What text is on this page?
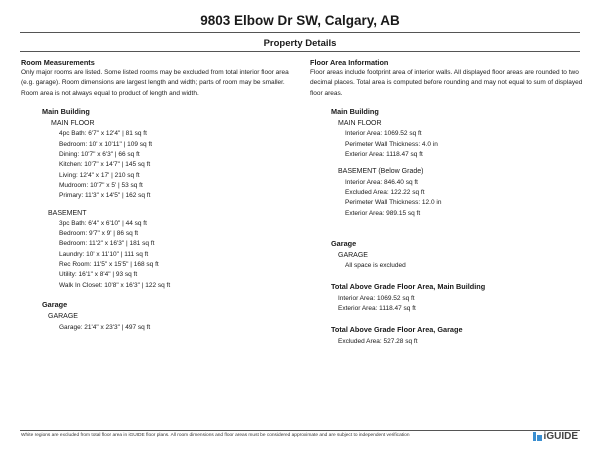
9803 Elbow Dr SW, Calgary, AB
Property Details

Room Measurements

Only major rooms are listed. Some listed rooms may be excluded from total interior floor area (e.g. garage). Room dimensions are largest length and width; parts of room may be smaller. Room area is not always equal to product of length and width.

Main Building
MAIN FLOOR
4pc Bath: 6'7" x 12'4" | 81 sq ft
Bedroom: 10' x 10'11" | 109 sq ft
Dining: 10'7" x 6'3" | 66 sq ft
Kitchen: 10'7" x 14'7" | 145 sq ft
Living: 12'4" x 17' | 210 sq ft
Mudroom: 10'7" x 5' | 53 sq ft
Primary: 11'3" x 14'5" | 162 sq ft
BASEMENT
3pc Bath: 6'4" x 6'10" | 44 sq ft
Bedroom: 9'7" x 9' | 86 sq ft
Bedroom: 11'2" x 16'3" | 181 sq ft
Laundry: 10' x 11'10" | 111 sq ft
Rec Room: 11'5" x 15'5" | 168 sq ft
Utility: 16'1" x 8'4" | 93 sq ft
Walk In Closet: 10'8" x 16'3" | 122 sq ft
Garage
GARAGE
Garage: 21'4" x 23'3" | 497 sq ft

Floor Area Information

Floor areas include footprint area of interior walls. All displayed floor areas are rounded to two decimal places. Total area is computed before rounding and may not equal to sum of displayed floor areas.

Main Building
MAIN FLOOR
Interior Area: 1069.52 sq ft
Perimeter Wall Thickness: 4.0 in
Exterior Area: 1118.47 sq ft
BASEMENT (Below Grade)
Interior Area: 846.40 sq ft
Excluded Area: 122.22 sq ft
Perimeter Wall Thickness: 12.0 in
Exterior Area: 989.15 sq ft
Garage
GARAGE
All space is excluded
Total Above Grade Floor Area, Main Building
Interior Area: 1069.52 sq ft
Exterior Area: 1118.47 sq ft
Total Above Grade Floor Area, Garage
Excluded Area: 527.28 sq ft
White regions are excluded from total floor area in iGUIDE floor plans. All room dimensions and floor areas must be considered approximate and are subject to independent verification	iGUIDE
